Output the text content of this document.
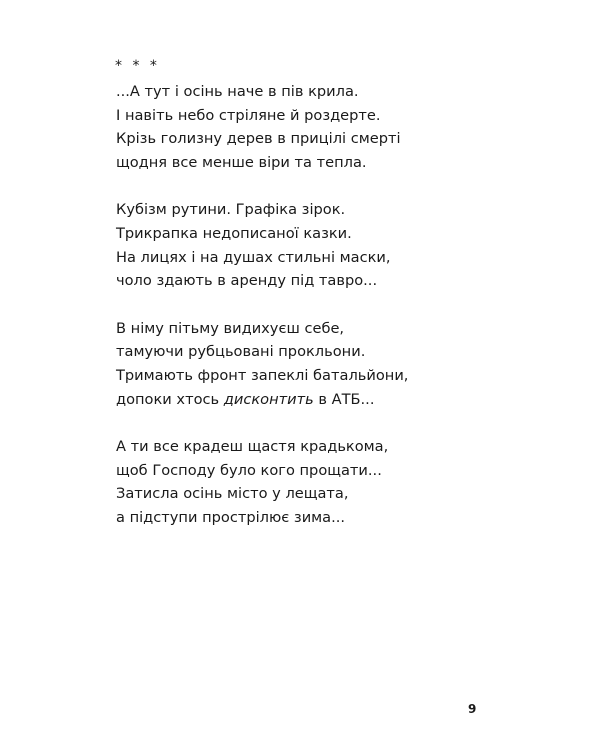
* * *
...А тут і осінь наче в пів крила.
І навіть небо стріляне й роздерте.
Крізь голизну дерев в прицілі смерті
щодня все менше віри та тепла.
Кубізм рутини. Графіка зірок.
Трикрапка недописаної казки.
На лицях і на душах стильні маски,
чоло здають в аренду під тавро...
В німу пітьму видихуєш себе,
тамуючи рубцьовані прокльони.
Тримають фронт запеклі батальйони,
допоки хтось дисконтить в АТБ...
А ти все крадеш щастя крадькома,
щоб Господу було кого прощати...
Затисла осінь місто у лещата,
а підступи прострілює зима...
9
